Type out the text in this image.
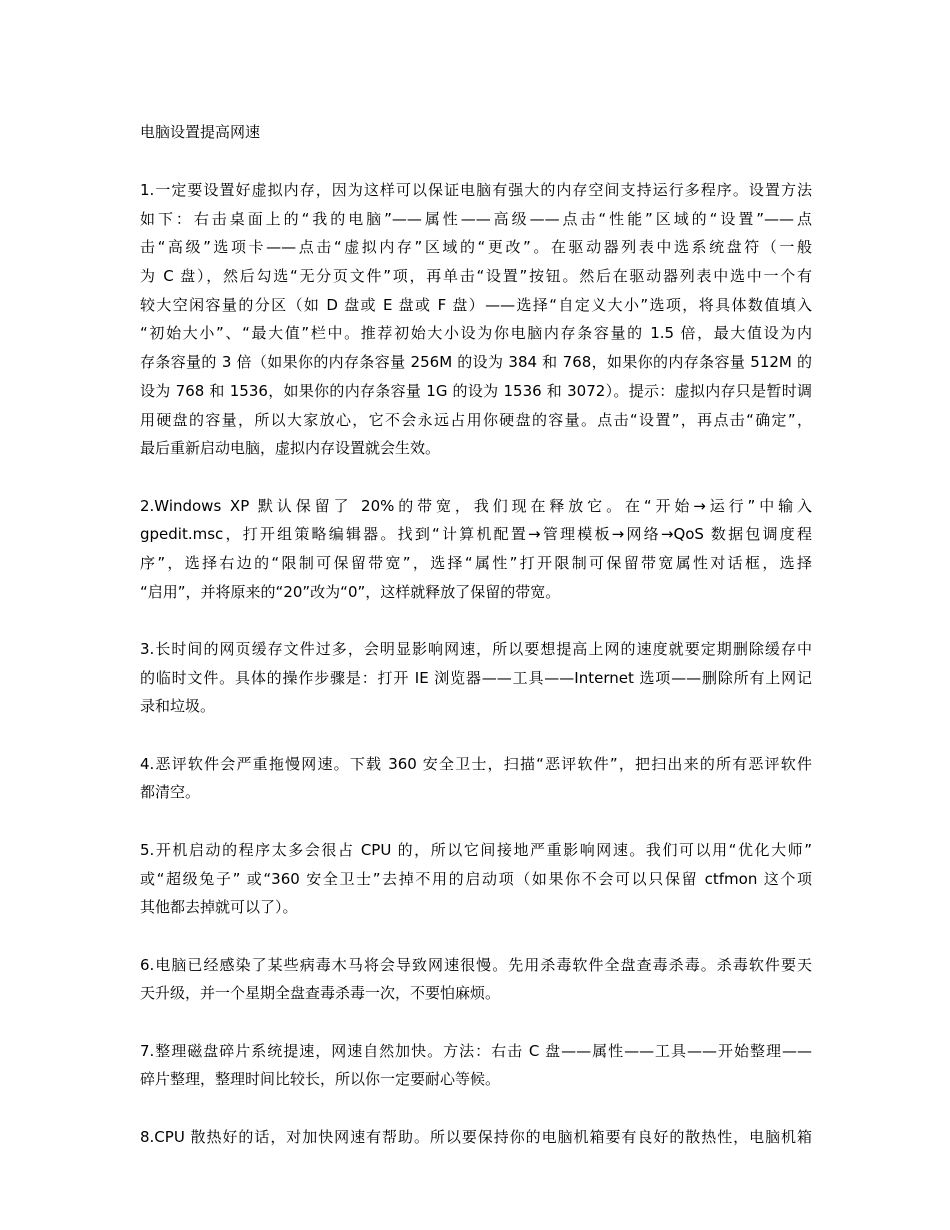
电脑设置提高网速
1.一定要设置好虚拟内存，因为这样可以保证电脑有强大的内存空间支持运行多程序。设置方法
如下：右击桌面上的“我的电脑”——属性——高级——点击“性能”区域的“设置”——点
击“高级”选项卡——点击“虚拟内存”区域的“更改”。在驱动器列表中选系统盘符（一般
为 C 盘），然后勾选“无分页文件”项，再单击“设置”按钮。然后在驱动器列表中选中一个有
较大空闲容量的分区（如 D 盘或 E 盘或 F 盘）——选择“自定义大小”选项，将具体数值填入
“初始大小”、“最大值”栏中。推荐初始大小设为你电脑内存条容量的 1.5 倍，最大值设为内
存条容量的 3 倍（如果你的内存条容量 256M 的设为 384 和 768，如果你的内存条容量 512M 的
设为 768 和 1536，如果你的内存条容量 1G 的设为 1536 和 3072）。提示：虚拟内存只是暂时调
用硬盘的容量，所以大家放心，它不会永远占用你硬盘的容量。点击“设置”，再点击“确定”，
最后重新启动电脑，虚拟内存设置就会生效。
2.Windows XP 默认保留了 20%的带宽，我们现在释放它。在“开始→运行”中输入
gpedit.msc，打开组策略编辑器。找到“计算机配置→管理模板→网络→QoS 数据包调度程
序”，选择右边的“限制可保留带宽”，选择“属性”打开限制可保留带宽属性对话框，选择
“启用”，并将原来的“20”改为“0”，这样就释放了保留的带宽。
3.长时间的网页缓存文件过多，会明显影响网速，所以要想提高上网的速度就要定期删除缓存中
的临时文件。具体的操作步骤是：打开 IE 浏览器——工具——Internet 选项——删除所有上网记
录和垃圾。
4.恶评软件会严重拖慢网速。下载 360 安全卫士，扫描“恶评软件”，把扫出来的所有恶评软件
都清空。
5.开机启动的程序太多会很占 CPU 的，所以它间接地严重影响网速。我们可以用“优化大师”
或“超级兔子” 或“360 安全卫士”去掉不用的启动项（如果你不会可以只保留 ctfmon 这个项
其他都去掉就可以了）。
6.电脑已经感染了某些病毒木马将会导致网速很慢。先用杀毒软件全盘查毒杀毒。杀毒软件要天
天升级，并一个星期全盘查毒杀毒一次，不要怕麻烦。
7.整理磁盘碎片系统提速，网速自然加快。方法：右击 C 盘——属性——工具——开始整理——
碎片整理，整理时间比较长，所以你一定要耐心等候。
8.CPU 散热好的话，对加快网速有帮助。所以要保持你的电脑机箱要有良好的散热性，电脑机箱
